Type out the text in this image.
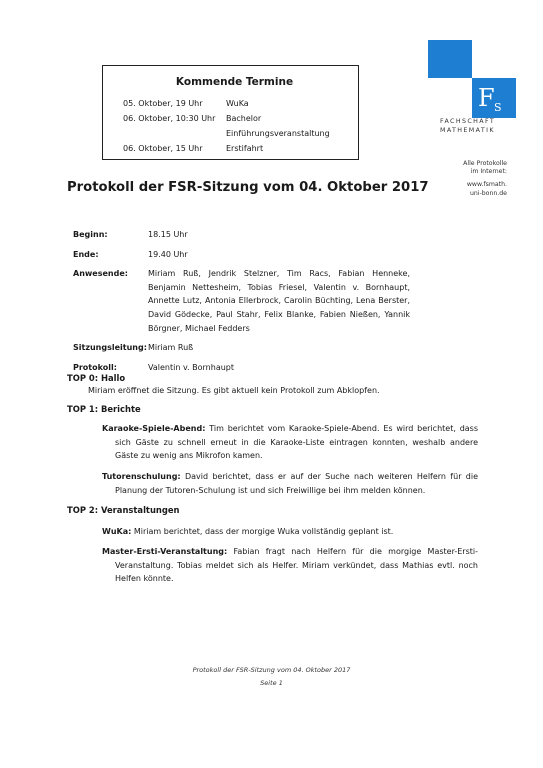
Kommende Termine
05. Oktober, 19 Uhr	WuKa
06. Oktober, 10:30 Uhr	Bachelor Einführungsveranstaltung
06. Oktober, 15 Uhr	Erstifahrt
F S
FACHSCHAFT
MATHEMATIK
Alle Protokolle
im Internet:
www.fsmath.
uni-bonn.de
Protokoll der FSR-Sitzung vom 04. Oktober 2017
Beginn:	18.15 Uhr
Ende:	19.40 Uhr
Anwesende:	Miriam Ruß, Jendrik Stelzner, Tim Racs, Fabian Henneke, Benjamin Nettesheim, Tobias Friesel, Valentin v. Bornhaupt, Annette Lutz, Antonia Ellerbrock, Carolin Büchting, Lena Berster, David Gödecke, Paul Stahr, Felix Blanke, Fabien Nießen, Yannik Börgner, Michael Fedders
Sitzungsleitung: Miriam Ruß
Protokoll:	Valentin v. Bornhaupt
TOP 0: Hallo

Miriam eröffnet die Sitzung. Es gibt aktuell kein Protokoll zum Abklopfen.

TOP 1: Berichte

Karaoke-Spiele-Abend: Tim berichtet vom Karaoke-Spiele-Abend. Es wird berichtet, dass sich Gäste zu schnell erneut in die Karaoke-Liste eintragen konnten, weshalb andere Gäste zu wenig ans Mikrofon kamen.

Tutorenschulung: David berichtet, dass er auf der Suche nach weiteren Helfern für die Planung der Tutoren-Schulung ist und sich Freiwillige bei ihm melden können.

TOP 2: Veranstaltungen

WuKa: Miriam berichtet, dass der morgige Wuka vollständig geplant ist.

Master-Ersti-Veranstaltung: Fabian fragt nach Helfern für die morgige Master-Ersti-Veranstaltung. Tobias meldet sich als Helfer. Miriam verkündet, dass Mathias evtl. noch Helfen könnte.

Protokoll der FSR-Sitzung vom 04. Oktober 2017
Seite 1
